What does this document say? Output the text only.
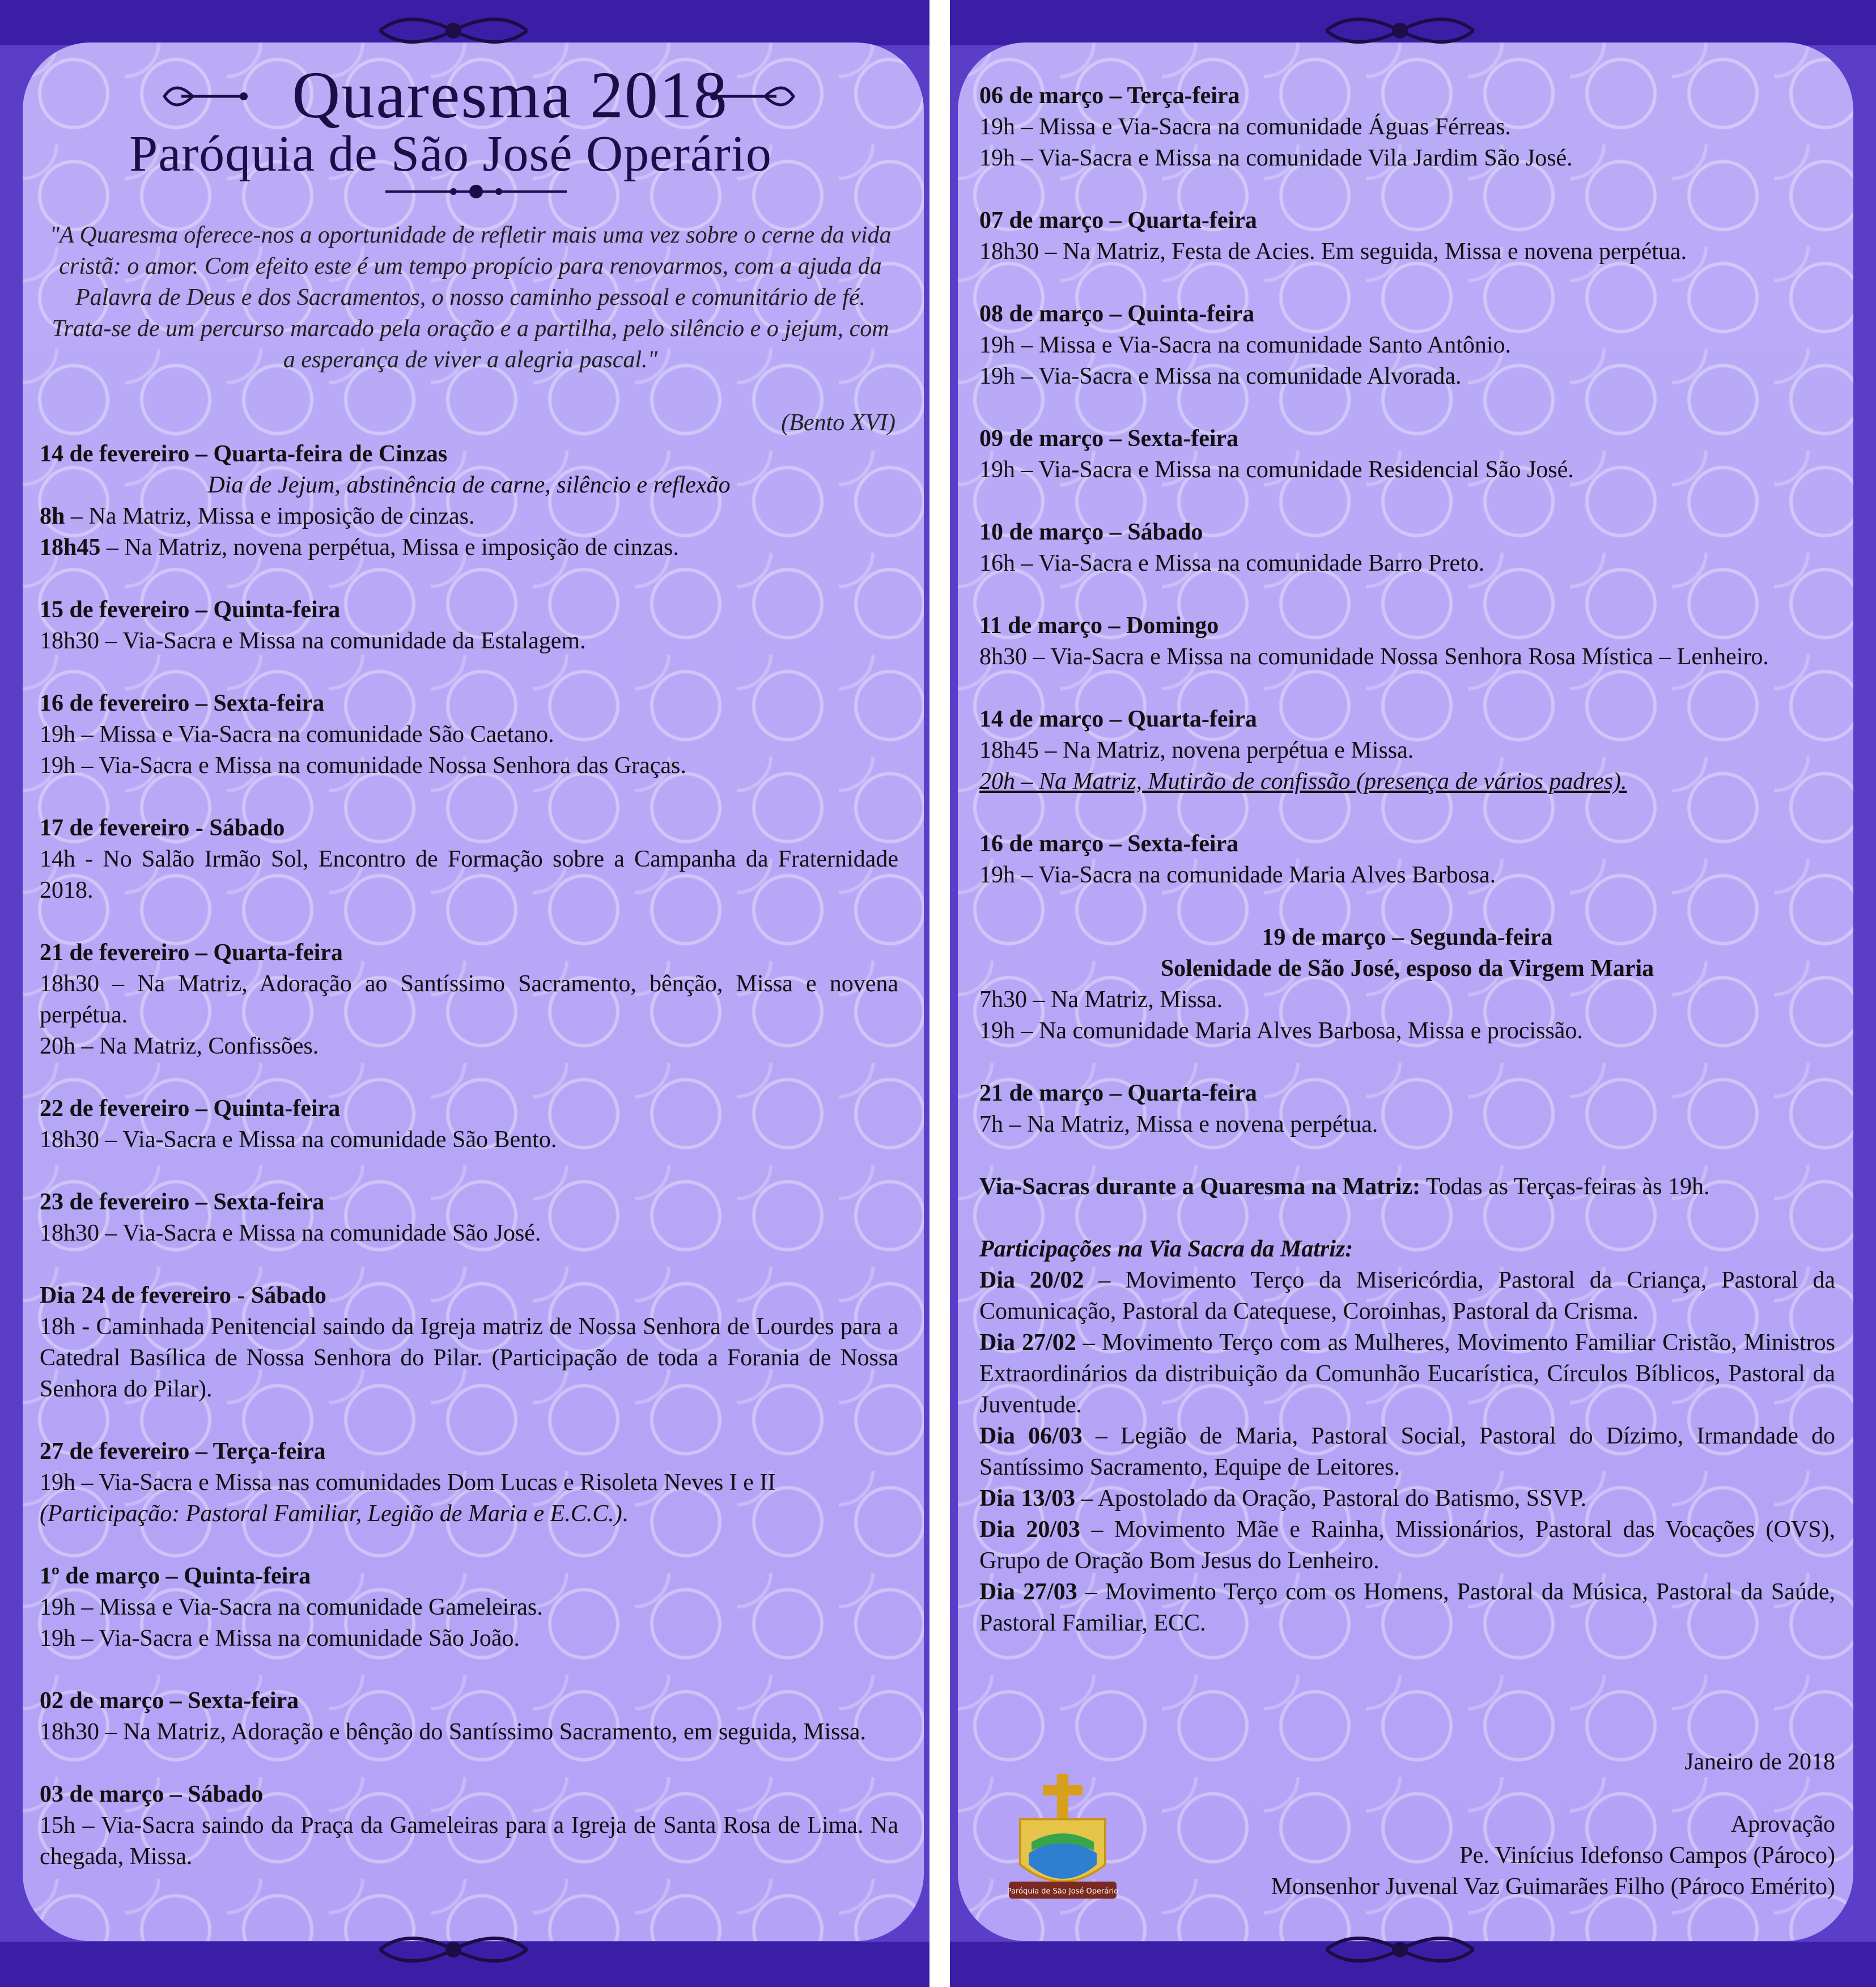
Quaresma 2018
Paróquia de São José Operário
"A Quaresma oferece-nos a oportunidade de refletir mais uma vez sobre o cerne da vida cristã: o amor. Com efeito este é um tempo propício para renovarmos, com a ajuda da Palavra de Deus e dos Sacramentos, o nosso caminho pessoal e comunitário de fé. Trata-se de um percurso marcado pela oração e a partilha, pelo silêncio e o jejum, com a esperança de viver a alegria pascal."
(Bento XVI)
14 de fevereiro – Quarta-feira de Cinzas
Dia de Jejum, abstinência de carne, silêncio e reflexão
8h – Na Matriz, Missa e imposição de cinzas.
18h45 – Na Matriz, novena perpétua, Missa e imposição de cinzas.
15 de fevereiro – Quinta-feira
18h30 – Via-Sacra e Missa na comunidade da Estalagem.
16 de fevereiro – Sexta-feira
19h – Missa e Via-Sacra na comunidade São Caetano.
19h – Via-Sacra e Missa na comunidade Nossa Senhora das Graças.
17 de fevereiro - Sábado
14h - No Salão Irmão Sol, Encontro de Formação sobre a Campanha da Fraternidade 2018.
21 de fevereiro – Quarta-feira
18h30 – Na Matriz, Adoração ao Santíssimo Sacramento, bênção, Missa e novena perpétua.
20h – Na Matriz, Confissões.
22 de fevereiro – Quinta-feira
18h30 – Via-Sacra e Missa na comunidade São Bento.
23 de fevereiro – Sexta-feira
18h30 – Via-Sacra e Missa na comunidade São José.
Dia 24 de fevereiro - Sábado
18h - Caminhada Penitencial saindo da Igreja matriz de Nossa Senhora de Lourdes para a Catedral Basílica de Nossa Senhora do Pilar. (Participação de toda a Forania de Nossa Senhora do Pilar).
27 de fevereiro – Terça-feira
19h – Via-Sacra e Missa nas comunidades Dom Lucas e Risoleta Neves I e II
(Participação: Pastoral Familiar, Legião de Maria e E.C.C.).
1º de março – Quinta-feira
19h – Missa e Via-Sacra na comunidade Gameleiras.
19h – Via-Sacra e Missa na comunidade São João.
02 de março – Sexta-feira
18h30 – Na Matriz, Adoração e bênção do Santíssimo Sacramento, em seguida, Missa.
03 de março – Sábado
15h – Via-Sacra saindo da Praça da Gameleiras para a Igreja de Santa Rosa de Lima. Na chegada, Missa.
06 de março – Terça-feira
19h – Missa e Via-Sacra na comunidade Águas Férreas.
19h – Via-Sacra e Missa na comunidade Vila Jardim São José.
07 de março – Quarta-feira
18h30 – Na Matriz, Festa de Acies. Em seguida, Missa e novena perpétua.
08 de março – Quinta-feira
19h – Missa e Via-Sacra na comunidade Santo Antônio.
19h – Via-Sacra e Missa na comunidade Alvorada.
09 de março – Sexta-feira
19h – Via-Sacra e Missa na comunidade Residencial São José.
10 de março – Sábado
16h – Via-Sacra e Missa na comunidade Barro Preto.
11 de março – Domingo
8h30 – Via-Sacra e Missa na comunidade Nossa Senhora Rosa Mística – Lenheiro.
14 de março – Quarta-feira
18h45 – Na Matriz, novena perpétua e Missa.
20h – Na Matriz, Mutirão de confissão (presença de vários padres).
16 de março – Sexta-feira
19h – Via-Sacra na comunidade Maria Alves Barbosa.
19 de março – Segunda-feira
Solenidade de São José, esposo da Virgem Maria
7h30 – Na Matriz, Missa.
19h – Na comunidade Maria Alves Barbosa, Missa e procissão.
21 de março – Quarta-feira
7h – Na Matriz, Missa e novena perpétua.
Via-Sacras durante a Quaresma na Matriz: Todas as Terças-feiras às 19h.
Participações na Via Sacra da Matriz:
Dia 20/02 – Movimento Terço da Misericórdia, Pastoral da Criança, Pastoral da Comunicação, Pastoral da Catequese, Coroinhas, Pastoral da Crisma.
Dia 27/02 – Movimento Terço com as Mulheres, Movimento Familiar Cristão, Ministros Extraordinários da distribuição da Comunhão Eucarística, Círculos Bíblicos, Pastoral da Juventude.
Dia 06/03 – Legião de Maria, Pastoral Social, Pastoral do Dízimo, Irmandade do Santíssimo Sacramento, Equipe de Leitores.
Dia 13/03 – Apostolado da Oração, Pastoral do Batismo, SSVP.
Dia 20/03 – Movimento Mãe e Rainha, Missionários, Pastoral das Vocações (OVS), Grupo de Oração Bom Jesus do Lenheiro.
Dia 27/03 – Movimento Terço com os Homens, Pastoral da Música, Pastoral da Saúde, Pastoral Familiar, ECC.
Janeiro de 2018
Aprovação
Pe. Vinícius Idefonso Campos (Pároco)
Monsenhor Juvenal Vaz Guimarães Filho (Pároco Emérito)
Paróquia de São José Operário
